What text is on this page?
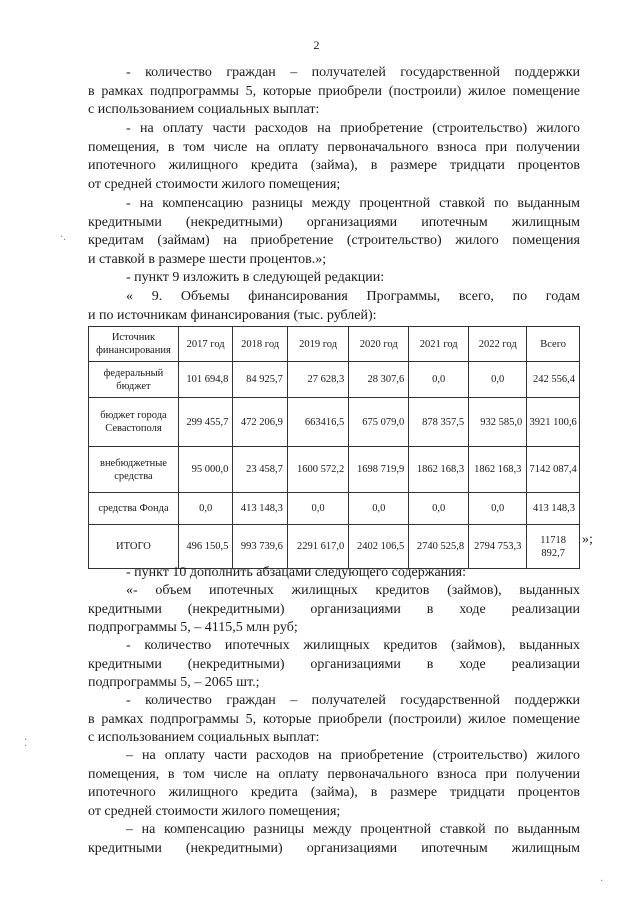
2
- количество граждан – получателей государственной поддержки
в рамках подпрограммы 5, которые приобрели (построили) жилое помещение
с использованием социальных выплат:
- на оплату части расходов на приобретение (строительство) жилого
помещения, в том числе на оплату первоначального взноса при получении
ипотечного жилищного кредита (займа), в размере тридцати процентов
от средней стоимости жилого помещения;
- на компенсацию разницы между процентной ставкой по выданным
кредитными (некредитными) организациями ипотечным жилищным
кредитам (займам) на приобретение (строительство) жилого помещения
и ставкой в размере шести процентов.»;
- пункт 9 изложить в следующей редакции:
« 9. Объемы финансирования Программы, всего, по годам
и по источникам финансирования (тыс. рублей):
Источник финансирования	2017 год	2018 год	2019 год	2020 год	2021 год	2022 год	Всего
федеральный бюджет	101 694,8	84 925,7	27 628,3	28 307,6	0,0	0,0	242 556,4
бюджет города Севастополя	299 455,7	472 206,9	663416,5	675 079,0	878 357,5	932 585,0	3921 100,6
внебюджетные средства	95 000,0	23 458,7	1600 572,2	1698 719,9	1862 168,3	1862 168,3	7142 087,4
средства Фонда	0,0	413 148,3	0,0	0,0	0,0	0,0	413 148,3
ИТОГО	496 150,5	993 739,6	2291 617,0	2402 106,5	2740 525,8	2794 753,3	11718 892,7
»;
- пункт 10 дополнить абзацами следующего содержания:
«- объем ипотечных жилищных кредитов (займов), выданных
кредитными (некредитными) организациями в ходе реализации
подпрограммы 5, – 4115,5 млн руб;
- количество ипотечных жилищных кредитов (займов), выданных
кредитными (некредитными) организациями в ходе реализации
подпрограммы 5, – 2065 шт.;
- количество граждан – получателей государственной поддержки
в рамках подпрограммы 5, которые приобрели (построили) жилое помещение
с использованием социальных выплат:
– на оплату части расходов на приобретение (строительство) жилого
помещения, в том числе на оплату первоначального взноса при получении
ипотечного жилищного кредита (займа), в размере тридцати процентов
от средней стоимости жилого помещения;
– на компенсацию разницы между процентной ставкой по выданным
кредитными (некредитными) организациями ипотечным жилищным
·.
⁚
·
